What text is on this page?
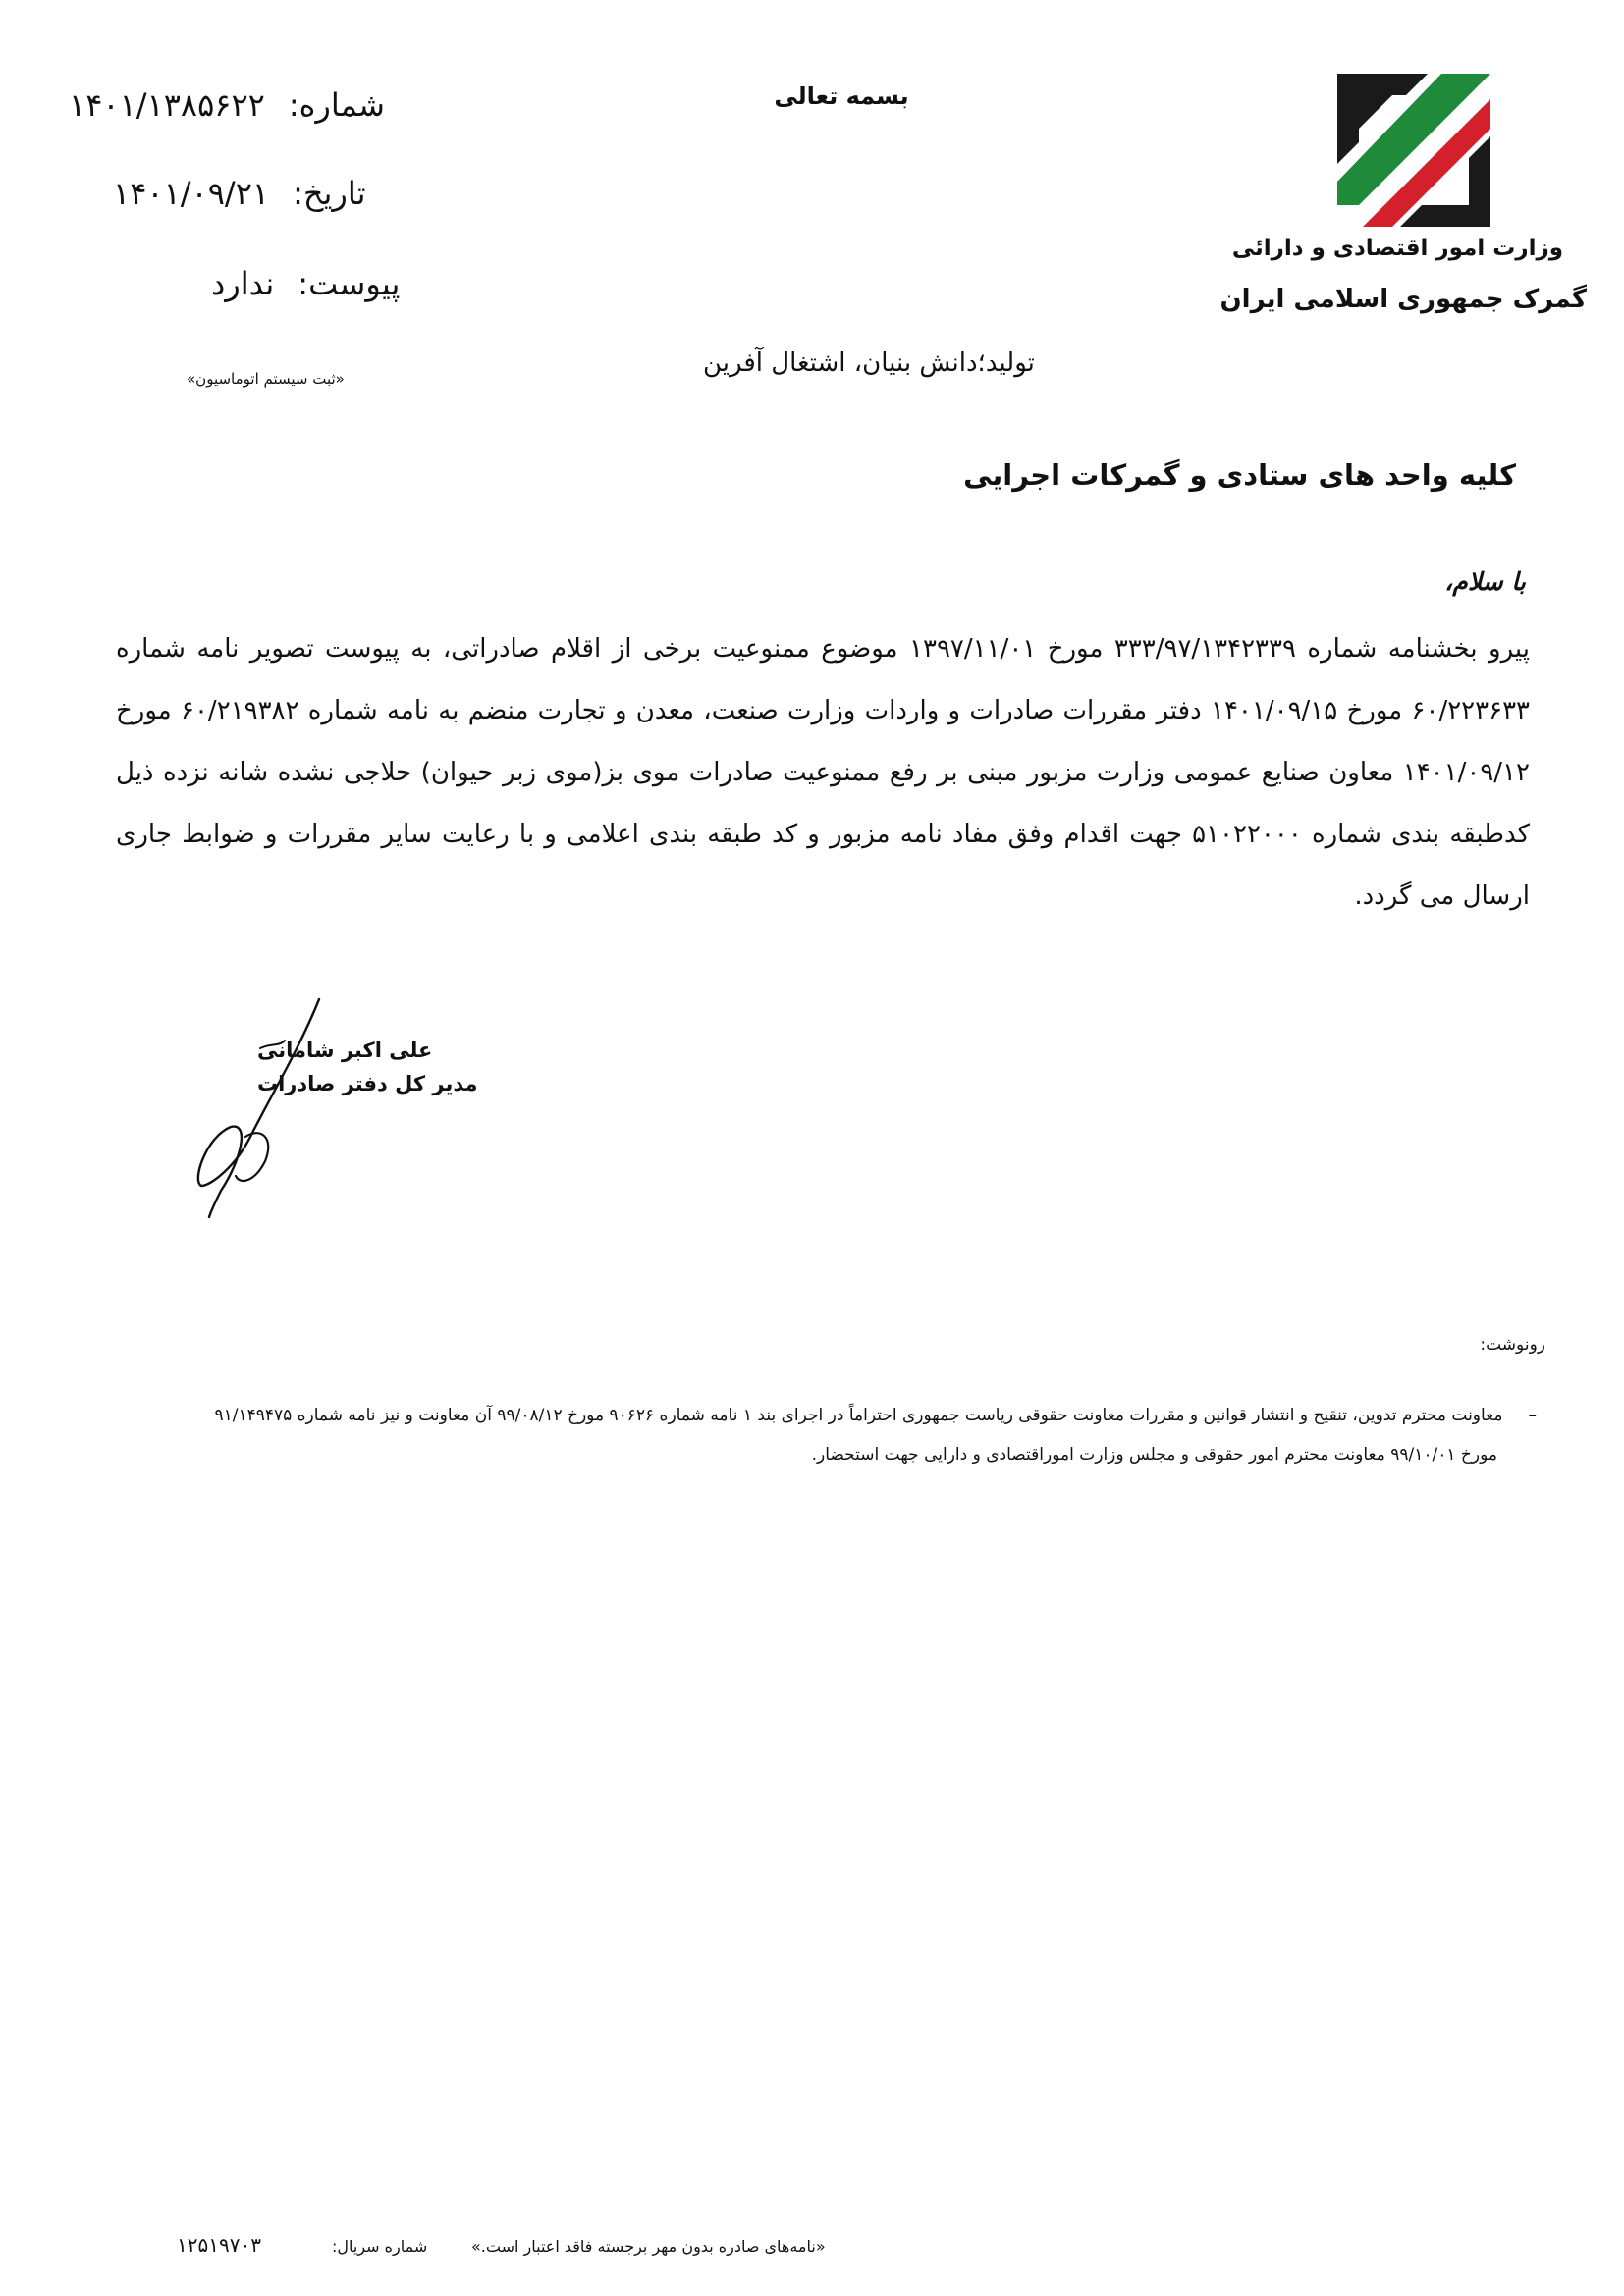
بسمه تعالی
شماره:۱۴۰۱/۱۳۸۵۶۲۲
تاریخ:۱۴۰۱/۰۹/۲۱
پیوست:ندارد
«ثبت سیستم اتوماسیون»
وزارت امور اقتصادی و دارائی
گمرک جمهوری اسلامی ایران
تولید؛دانش بنیان، اشتغال آفرین
کلیه واحد های ستادی و گمرکات اجرایی
با سلام،
پیرو بخشنامه شماره ۳۳۳/۹۷/۱۳۴۲۳۳۹ مورخ ۱۳۹۷/۱۱/۰۱ موضوع ممنوعیت برخی از اقلام صادراتی، به پیوست تصویر نامه شماره ۶۰/۲۲۳۶۳۳ مورخ ۱۴۰۱/۰۹/۱۵ دفتر مقررات صادرات و واردات وزارت صنعت، معدن و تجارت منضم به نامه شماره ۶۰/۲۱۹۳۸۲ مورخ ۱۴۰۱/۰۹/۱۲ معاون صنایع عمومی وزارت مزبور مبنی بر رفع ممنوعیت صادرات موی بز(موی زبر حیوان) حلاجی نشده شانه نزده ذیل کدطبقه بندی شماره ۵۱۰۲۲۰۰۰ جهت اقدام وفق مفاد نامه مزبور و کد طبقه بندی اعلامی و با رعایت سایر مقررات و ضوابط جاری ارسال می گردد.
علی اکبر شامانی
مدیر کل دفتر صادرات
رونوشت:
–معاونت محترم تدوین، تنقیح و انتشار قوانین و مقررات معاونت حقوقی ریاست جمهوری احتراماً در اجرای بند ۱ نامه شماره ۹۰۶۲۶ مورخ ۹۹/۰۸/۱۲ آن معاونت و نیز نامه شماره ۹۱/۱۴۹۴۷۵
مورخ ۹۹/۱۰/۰۱ معاونت محترم امور حقوقی و مجلس وزارت اموراقتصادی و دارایی جهت استحضار.
«نامه‌های صادره بدون مهر برجسته فاقد اعتبار است.»
شماره سریال:
۱۲۵۱۹۷۰۳
